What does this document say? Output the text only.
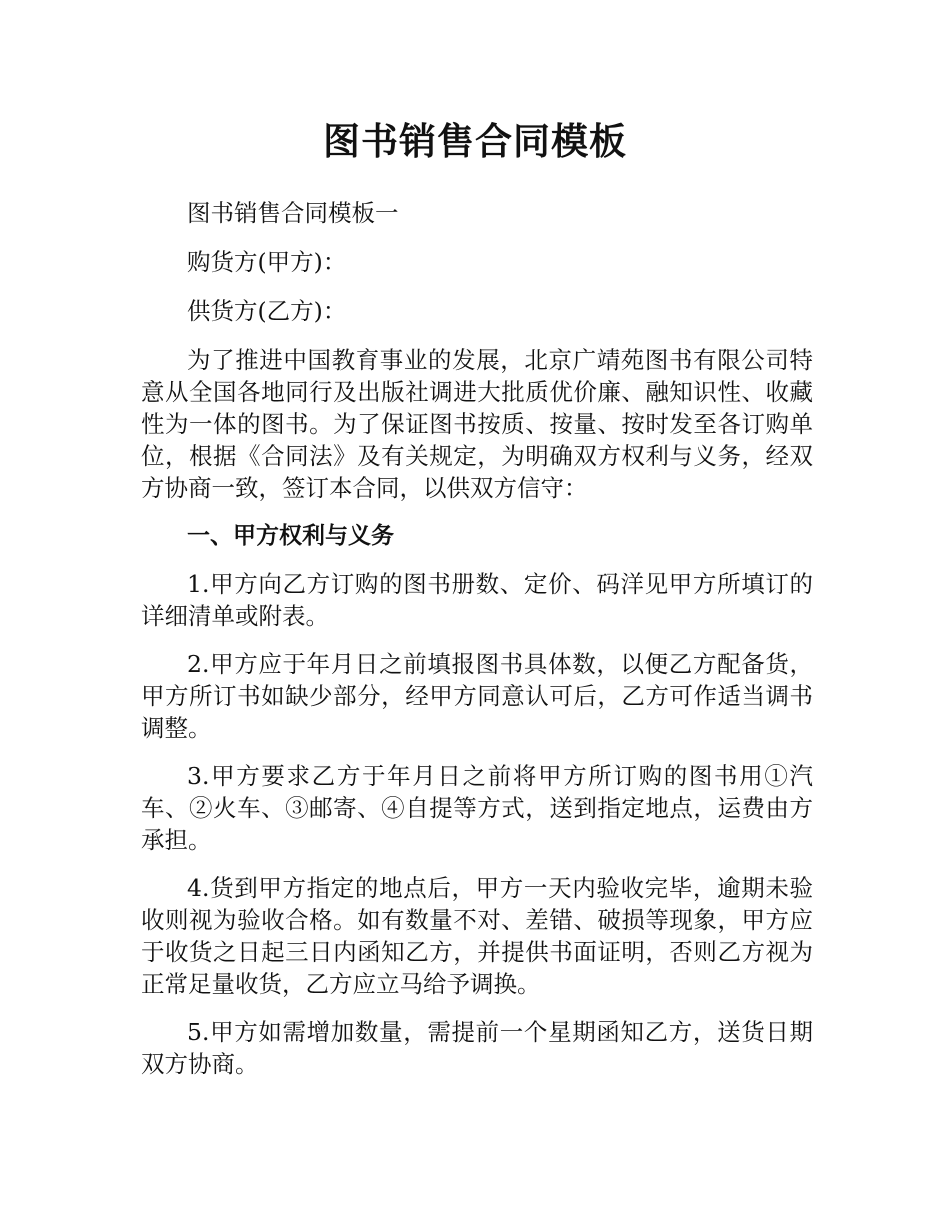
图书销售合同模板

图书销售合同模板一

购货方(甲方)：

供货方(乙方)：

为了推进中国教育事业的发展，北京广靖苑图书有限公司特意从全国各地同行及出版社调进大批质优价廉、融知识性、收藏性为一体的图书。为了保证图书按质、按量、按时发至各订购单位，根据《合同法》及有关规定，为明确双方权利与义务，经双方协商一致，签订本合同，以供双方信守：

一、甲方权利与义务

1.甲方向乙方订购的图书册数、定价、码洋见甲方所填订的详细清单或附表。

2.甲方应于年月日之前填报图书具体数，以便乙方配备货，甲方所订书如缺少部分，经甲方同意认可后，乙方可作适当调书调整。

3.甲方要求乙方于年月日之前将甲方所订购的图书用①汽车、②火车、③邮寄、④自提等方式，送到指定地点，运费由方承担。

4.货到甲方指定的地点后，甲方一天内验收完毕，逾期未验收则视为验收合格。如有数量不对、差错、破损等现象，甲方应于收货之日起三日内函知乙方，并提供书面证明，否则乙方视为正常足量收货，乙方应立马给予调换。

5.甲方如需增加数量，需提前一个星期函知乙方，送货日期双方协商。
